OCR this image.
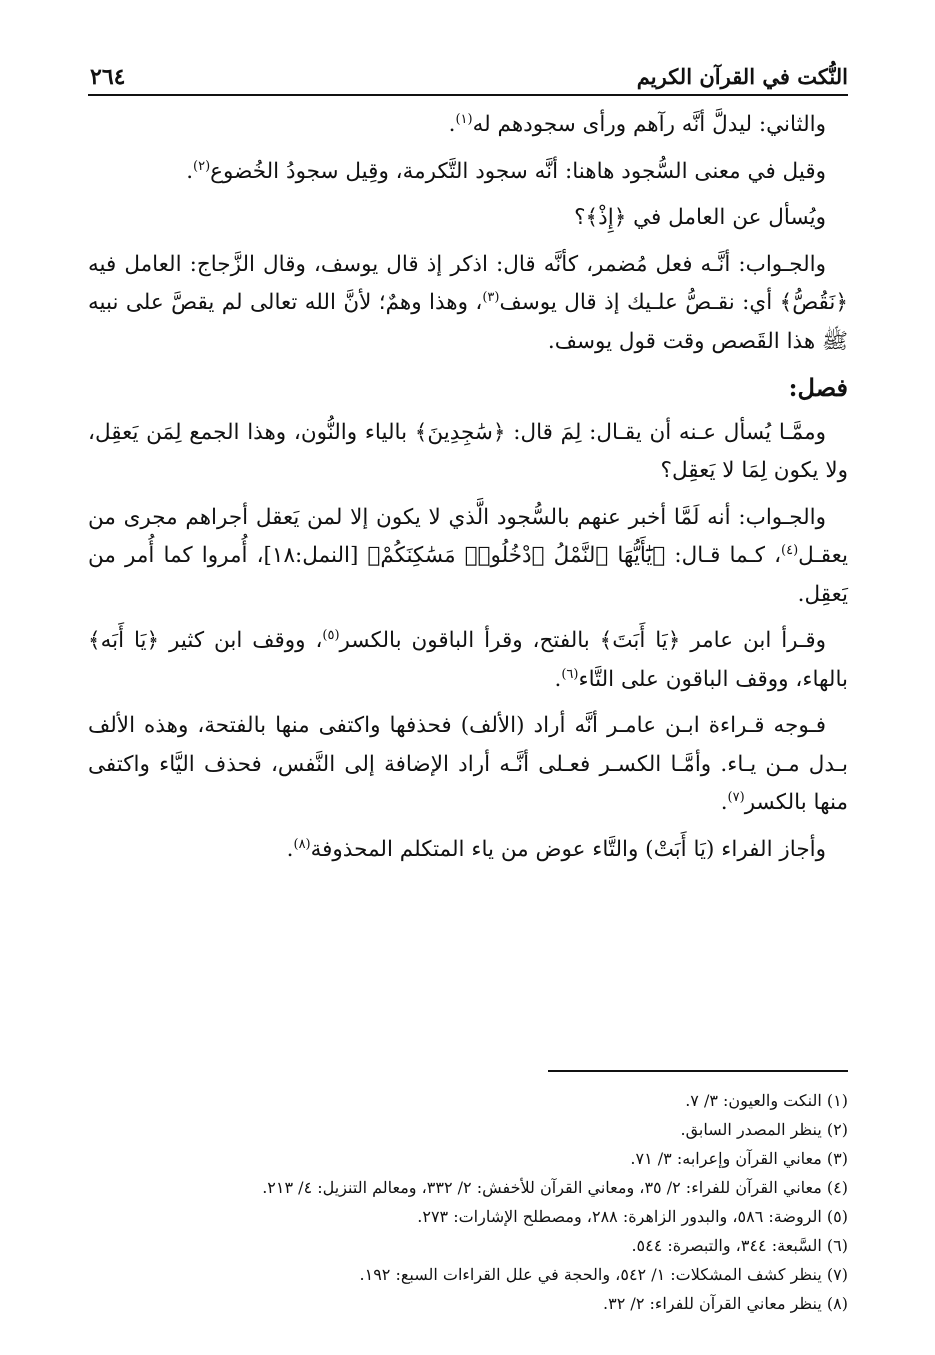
النُّكت في القرآن الكريم
٢٦٤

والثاني: ليدلَّ أنَّه رآهم ورأى سجودهم له$^{(١)}$.

وقيل في معنى السُّجود هاهنا: أنَّه سجود التَّكرمة، وقِيل سجودُ الخُضوع$^{(٢)}$.

ويُسأل عن العامل في ﴿إِذْ﴾؟

والجـواب: أنَّـه فعل مُضمر، كأنَّه قال: اذكر إذ قال يوسف، وقال الزَّجاج: العامل فيه ﴿نَقُصُّ﴾ أي: نقـصُّ علـيك إذ قال يوسف$^{(٣)}$، وهذا وهمٌ؛ لأنَّ الله تعالى لم يقصَّ على نبيه ﷺ هذا القَصص وقت قول يوسف.

فصل:

وممَّـا يُسأل عـنه أن يقـال: لِمَ قال: ﴿سَٰجِدِينَ﴾ بالياء والنُّون، وهذا الجمع لِمَن يَعقِل، ولا يكون لِمَا لا يَعقِل؟

والجـواب: أنه لَمَّا أخبر عنهم بالسُّجود الَّذي لا يكون إلا لمن يَعقل أجراهم مجرى من يعقـل$^{(٤)}$، كـما قـال: ﴿يَٰٓأَيُّهَا ٱلنَّمْلُ ٱدْخُلُوا۟ مَسَٰكِنَكُمْ﴾ [النمل:١٨]، أُمروا كما أُمر من يَعقِل.

وقـرأ ابن عامر ﴿يَا أَبَتَ﴾ بالفتح، وقرأ الباقون بالكسر$^{(٥)}$، ووقف ابن كثير ﴿يَا أَبَه﴾ بالهاء، ووقف الباقون على التَّاء$^{(٦)}$.

فـوجه قـراءة ابـن عامـر أنَّه أراد (الألف) فحذفها واكتفى منها بالفتحة، وهذه الألف بـدل مـن يـاء. وأمَّـا الكسـر فعـلى أنَّـه أراد الإضافة إلى النَّفس، فحذف اليَّاء واكتفى منها بالكسر$^{(٧)}$.

وأجاز الفراء (يَا أَبَتْ) والتَّاء عوض من ياء المتكلم المحذوفة$^{(٨)}$.

(١) النكت والعيون: ٣/ ٧.
(٢) ينظر المصدر السابق.
(٣) معاني القرآن وإعرابه: ٣/ ٧١.
(٤) معاني القرآن للفراء: ٢/ ٣٥، ومعاني القرآن للأخفش: ٢/ ٣٣٢، ومعالم التنزيل: ٤/ ٢١٣.
(٥) الروضة: ٥٨٦، والبدور الزاهرة: ٢٨٨، ومصطلح الإشارات: ٢٧٣.
(٦) السَّبعة: ٣٤٤، والتبصرة: ٥٤٤.
(٧) ينظر كشف المشكلات: ١/ ٥٤٢، والحجة في علل القراءات السبع: ١٩٢.
(٨) ينظر معاني القرآن للفراء: ٢/ ٣٢.
